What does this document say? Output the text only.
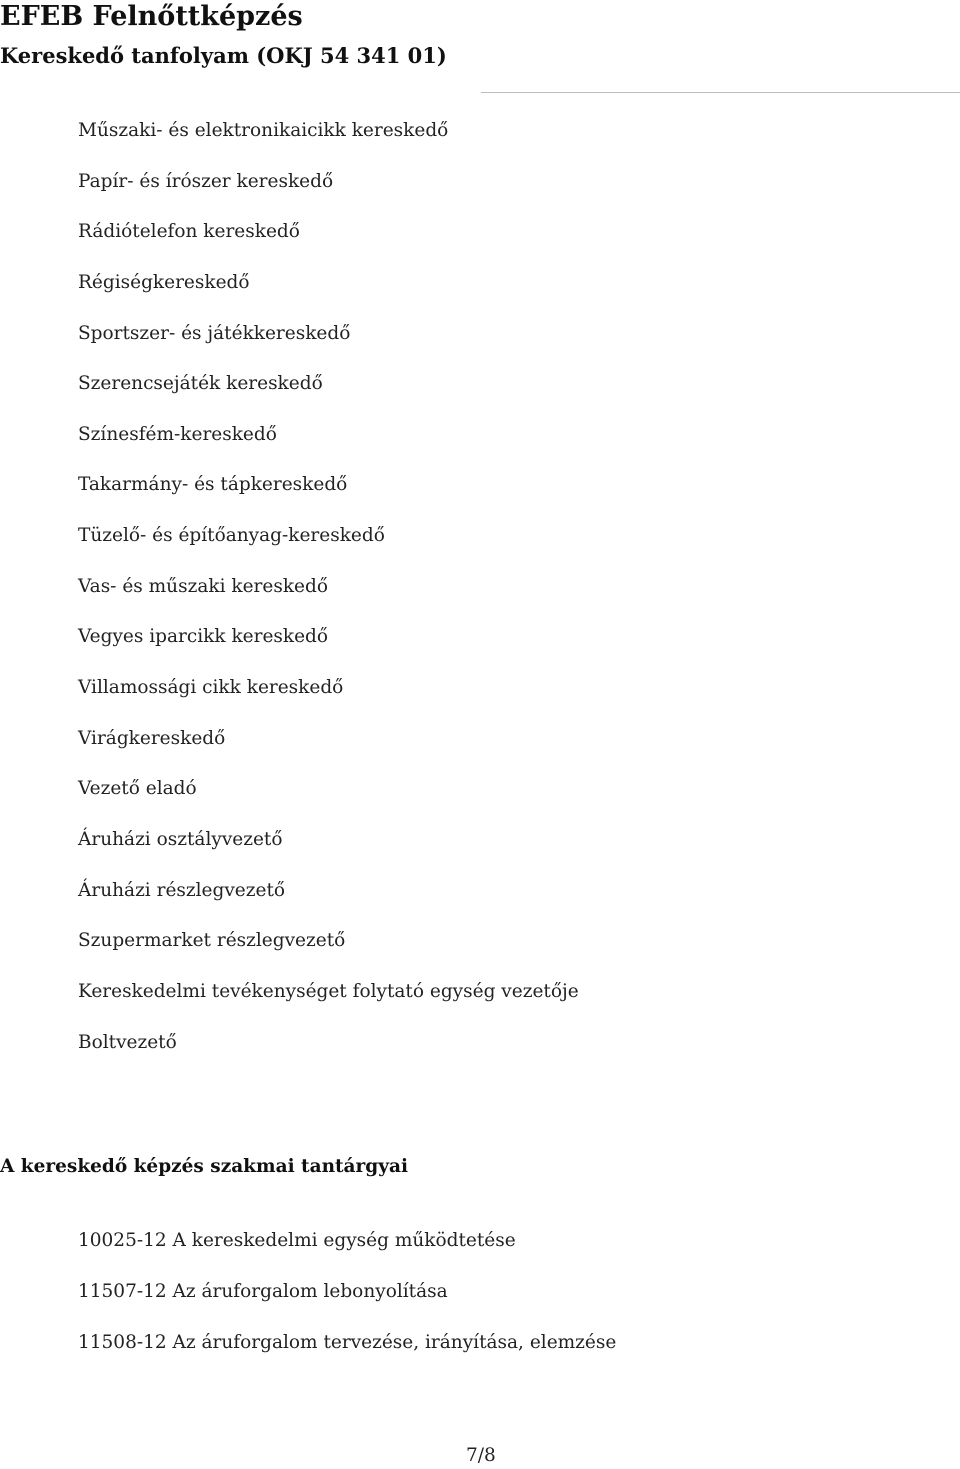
EFEB Felnőttképzés
Kereskedő tanfolyam (OKJ 54 341 01)
Műszaki- és elektronikaicikk kereskedő
Papír- és írószer kereskedő
Rádiótelefon kereskedő
Régiségkereskedő
Sportszer- és játékkereskedő
Szerencsejáték kereskedő
Színesfém-kereskedő
Takarmány- és tápkereskedő
Tüzelő- és építőanyag-kereskedő
Vas- és műszaki kereskedő
Vegyes iparcikk kereskedő
Villamossági cikk kereskedő
Virágkereskedő
Vezető eladó
Áruházi osztályvezető
Áruházi részlegvezető
Szupermarket részlegvezető
Kereskedelmi tevékenységet folytató egység vezetője
Boltvezető
A kereskedő képzés szakmai tantárgyai
10025-12 A kereskedelmi egység működtetése
11507-12 Az áruforgalom lebonyolítása
11508-12 Az áruforgalom tervezése, irányítása, elemzése
7/8
